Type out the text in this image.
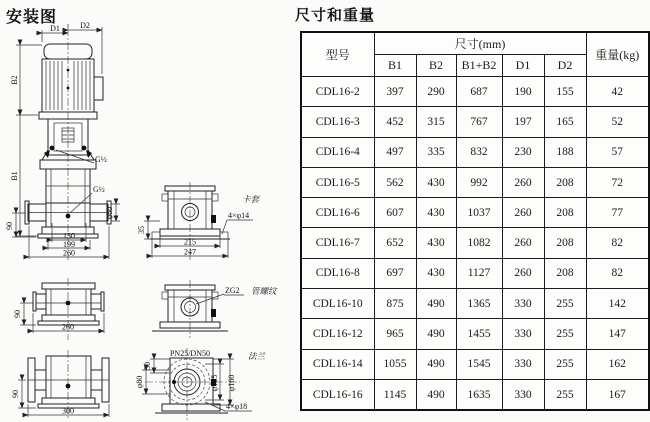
安装图	尺寸和重量
D1	D2
B2
B1
G½
G½
90
φ60
130
199
260
90
260
90
300
35
215
247
卡套
4×φ14
ZG2 管螺纹
PN25/DN50
50
φ80	φ125 φ160
法兰
4×φ18
型号	尺寸(mm)					重量(kg)
	B1	B2	B1+B2	D1	D2	
CDL16-2	397	290	687	190	155	42
CDL16-3	452	315	767	197	165	52
CDL16-4	497	335	832	230	188	57
CDL16-5	562	430	992	260	208	72
CDL16-6	607	430	1037	260	208	77
CDL16-7	652	430	1082	260	208	82
CDL16-8	697	430	1127	260	208	82
CDL16-10	875	490	1365	330	255	142
CDL16-12	965	490	1455	330	255	147
CDL16-14	1055	490	1545	330	255	162
CDL16-16	1145	490	1635	330	255	167
